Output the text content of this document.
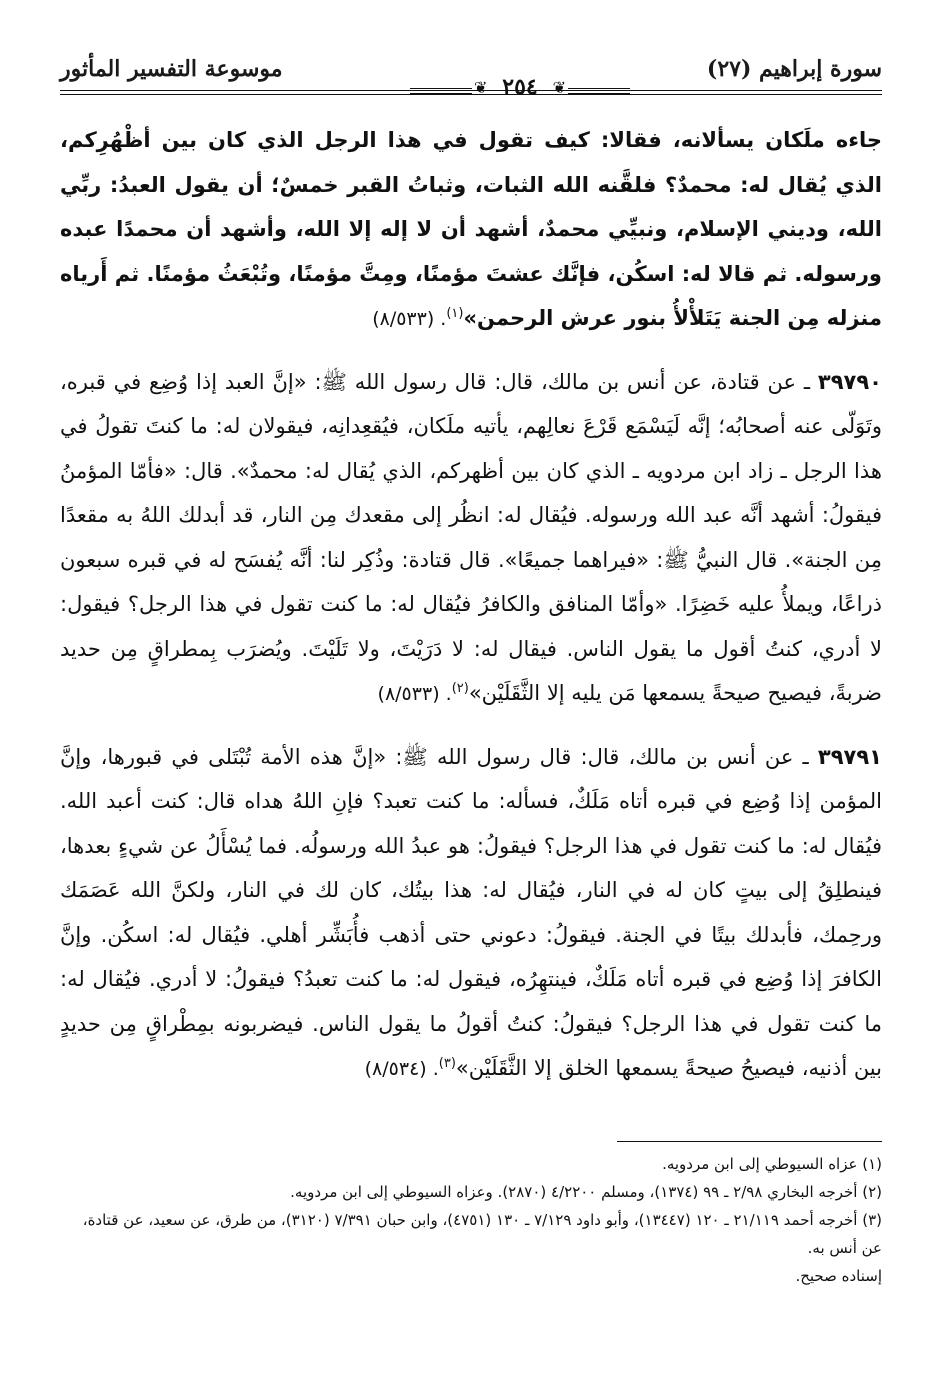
سورة إبراهيم (٢٧)
❦ ٢٥٤ ❦
موسوعة التفسير المأثور

جاءه ملَكان يسألانه، فقالا: كيف تقول في هذا الرجل الذي كان بين أظْهُرِكم، الذي يُقال له: محمدٌ؟ فلقَّنه الله الثبات، وثباتُ القبر خمسٌ؛ أن يقول العبدُ: ربِّي الله، وديني الإسلام، ونبيِّي محمدٌ، أشهد أن لا إله إلا الله، وأشهد أن محمدًا عبده ورسوله. ثم قالا له: اسكُن، فإنَّك عشتَ مؤمنًا، ومِتَّ مؤمنًا، وتُبْعَثُ مؤمنًا. ثم أَرياه منزله مِن الجنة يَتَلأْلأُ بنور عرش الرحمن»$^{(١)}$. (٨/٥٣٣)

٣٩٧٩٠ ـ عن قتادة، عن أنس بن مالك، قال: قال رسول الله ﷺ: «إنَّ العبد إذا وُضِع في قبره، وتَوَلّى عنه أصحابُه؛ إنَّه لَيَسْمَع قَرْعَ نعالِهم، يأتيه ملَكان، فيُقعِدانِه، فيقولان له: ما كنتَ تقولُ في هذا الرجل ـ زاد ابن مردويه ـ الذي كان بين أظهركم، الذي يُقال له: محمدٌ». قال: «فأمّا المؤمنُ فيقولُ: أشهد أنَّه عبد الله ورسوله. فيُقال له: انظُر إلى مقعدك مِن النار، قد أبدلك اللهُ به مقعدًا مِن الجنة». قال النبيُّ ﷺ: «فيراهما جميعًا». قال قتادة: وذُكِر لنا: أنَّه يُفسَح له في قبره سبعون ذراعًا، ويملأُ عليه خَضِرًا. «وأمّا المنافق والكافرُ فيُقال له: ما كنت تقول في هذا الرجل؟ فيقول: لا أدري، كنتُ أقول ما يقول الناس. فيقال له: لا دَرَيْتَ، ولا تَلَيْتَ. ويُضرَب بِمطراقٍ مِن حديد ضربةً، فيصيح صيحةً يسمعها مَن يليه إلا الثَّقَلَيْن»$^{(٢)}$. (٨/٥٣٣)

٣٩٧٩١ ـ عن أنس بن مالك، قال: قال رسول الله ﷺ: «إنَّ هذه الأمة تُبْتَلى في قبورها، وإنَّ المؤمن إذا وُضِع في قبره أتاه مَلَكٌ، فسأله: ما كنت تعبد؟ فإنِ اللهُ هداه قال: كنت أعبد الله. فيُقال له: ما كنت تقول في هذا الرجل؟ فيقولُ: هو عبدُ الله ورسولُه. فما يُسْأَلُ عن شيءٍ بعدها، فينطلِقُ إلى بيتٍ كان له في النار، فيُقال له: هذا بيتُك، كان لك في النار، ولكنَّ الله عَصَمَك ورحِمك، فأبدلك بيتًا في الجنة. فيقولُ: دعوني حتى أذهب فأُبَشِّر أهلي. فيُقال له: اسكُن. وإنَّ الكافرَ إذا وُضِع في قبره أتاه مَلَكٌ، فينتهِرُه، فيقول له: ما كنت تعبدُ؟ فيقولُ: لا أدري. فيُقال له: ما كنت تقول في هذا الرجل؟ فيقولُ: كنتُ أقولُ ما يقول الناس. فيضربونه بمِطْراقٍ مِن حديدٍ بين أذنيه، فيصيحُ صيحةً يسمعها الخلق إلا الثَّقَلَيْن»$^{(٣)}$. (٨/٥٣٤)

(١) عزاه السيوطي إلى ابن مردويه.

(٢) أخرجه البخاري ٢/٩٨ ـ ٩٩ (١٣٧٤)، ومسلم ٤/٢٢٠٠ (٢٨٧٠). وعزاه السيوطي إلى ابن مردويه.

(٣) أخرجه أحمد ٢١/١١٩ ـ ١٢٠ (١٣٤٤٧)، وأبو داود ٧/١٢٩ ـ ١٣٠ (٤٧٥١)، وابن حبان ٧/٣٩١ (٣١٢٠)، من طرق، عن سعيد، عن قتادة، عن أنس به.

إسناده صحيح.
